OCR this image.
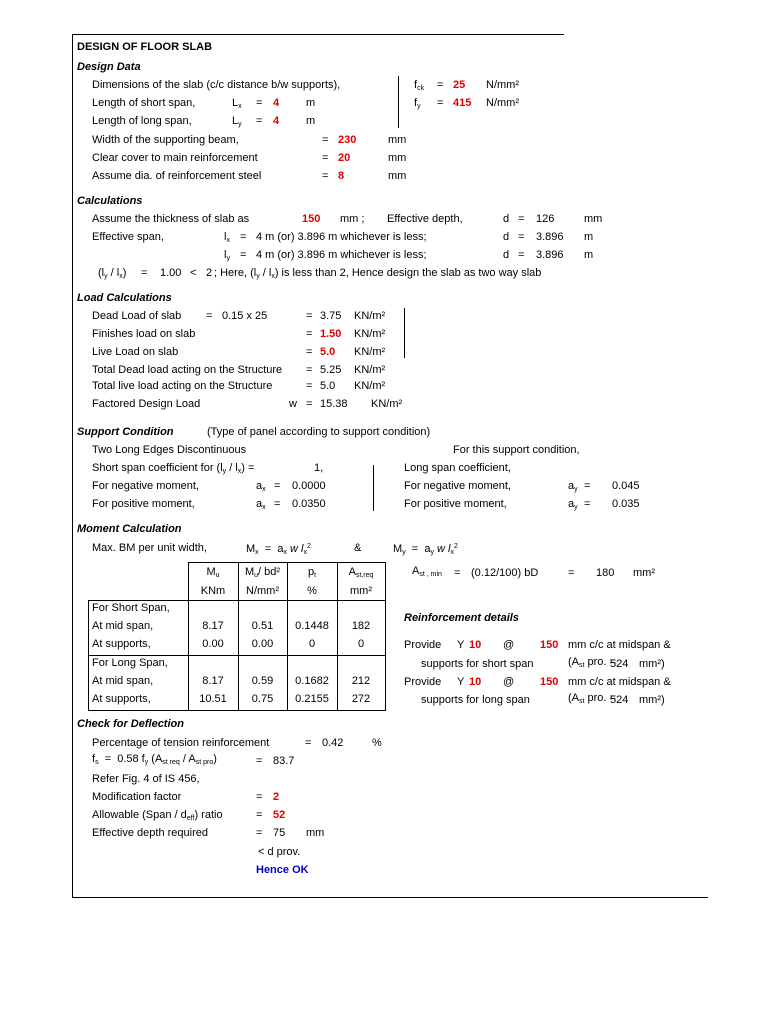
DESIGN OF FLOOR SLAB
Design Data
Dimensions of the slab (c/c distance b/w supports),
Length of short span,	$L_x = 4$ m
Length of long span,	$L_y = 4$ m
$f_{ck} = 25$ N/mm²
$f_y = 415$ N/mm²
Width of the supporting beam,	= 230	mm
Clear cover to main reinforcement	= 20	mm
Assume dia. of reinforcement steel	= 8	mm
Calculations
Assume the thickness of slab as	150 mm ; Effective depth,	d = 126	mm
Effective span,	$l_x = 4$ m (or) 3.896 m whichever is less;	d = 3.896 m
$l_y = 4$ m (or) 3.896 m whichever is less;	d = 3.896 m
$(l_y / l_x) = 1.00 < 2$ ; Here, $(l_y / l_x)$ is less than 2, Hence design the slab as two way slab
Load Calculations
Dead Load of slab = 0.15 x 25	= 3.75 KN/m²
Finishes load on slab	= 1.50 KN/m²
Live Load on slab	= 5.0 KN/m²
Total Dead load acting on the Structure = 5.25 KN/m²
Total live load acting on the Structure	= 5.0 KN/m²
Factored Design Load	w = 15.38 KN/m²
Support Condition	(Type of panel according to support condition)
Two Long Edges Discontinuous	For this support condition,
Short span coefficient for $(l_y / l_x)$ =	1,	Long span coefficient,
For negative moment,	$a_x = 0.0000$	For negative moment,	$a_y = 0.045$
For positive moment,	$a_x = 0.0350$	For positive moment,	$a_y = 0.035$
Moment Calculation
Max. BM per unit width,	$M_x = a_x$ w $l_x^2$	&	$M_y = a_y$ w $l_x^2$
$A_{st , min} = (0.12/100)$ bD	= 180 mm²
$M_u$	$M_u/$ bd²	$p_t$	$A_{st,req}$
KNm	N/mm²	%	mm²
For Short Span,
At mid span,	8.17	0.51	0.1448	182
At supports,	0.00	0.00	0	0
For Long Span,
At mid span,	8.17	0.59	0.1682	212
At supports,	10.51	0.75	0.2155	272
Reinforcement details
Provide Y 10 @ 150 mm c/c at midspan &
supports for short span	($A_{st}$ pro. =
524 mm²)
Provide Y 10 @ 150 mm c/c at midspan &
supports for long span	($A_{st}$ pro. =
524 mm²)
Check for Deflection
Percentage of tension reinforcement	= 0.42	%
$f_s = 0.58$ $f_y$ $(A_{st req} / A_{st pro})$	= 83.7
Refer Fig. 4 of IS 456,
Modification factor	= 2
Allowable (Span / $d_{eff}$) ratio	= 52
Effective depth required	= 75 mm
< d prov.
Hence OK
